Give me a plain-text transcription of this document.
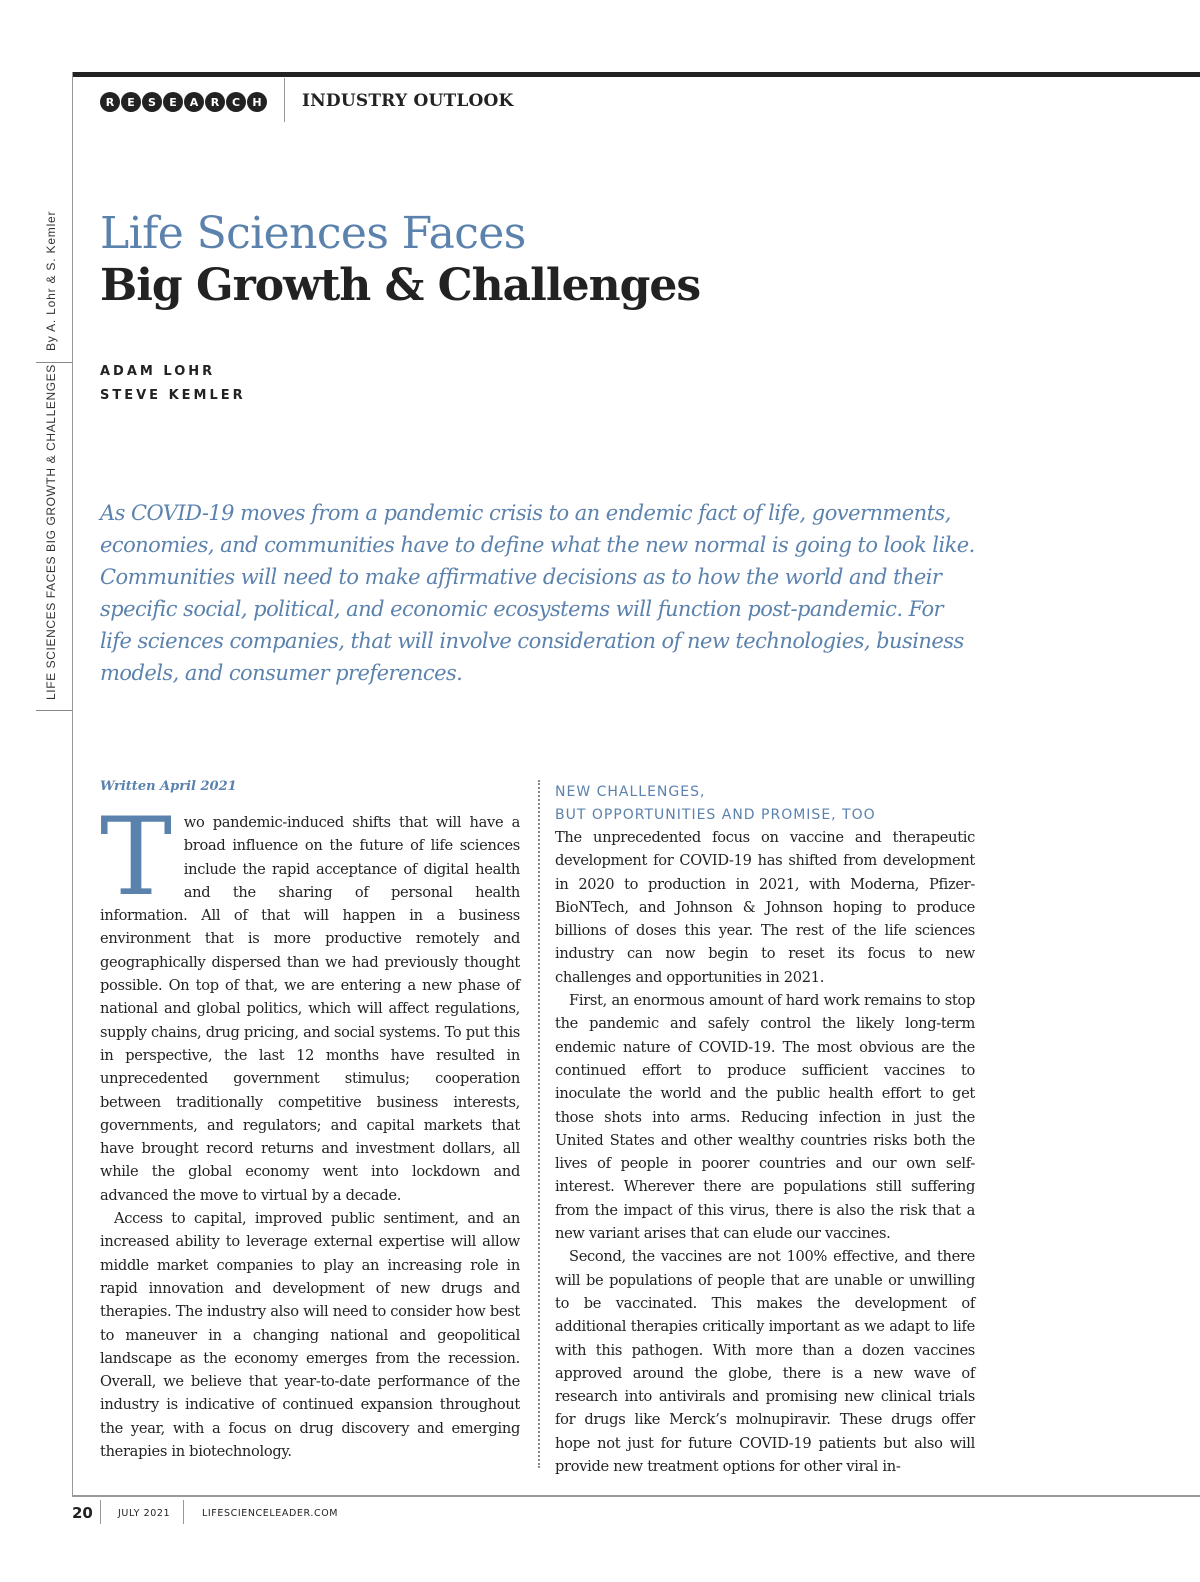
R	E	S	E	A	R	C	H	INDUSTRY OUTLOOK
By A. Lohr & S. Kemler
LIFE SCIENCES FACES BIG GROWTH & CHALLENGES
Life Sciences Faces
Big Growth & Challenges
ADAM LOHR
STEVE KEMLER

As COVID-19 moves from a pandemic crisis to an endemic fact of life, governments, economies, and communities have to define what the new normal is going to look like. Communities will need to make affirmative decisions as to how the world and their specific social, political, and economic ecosystems will function post-pandemic. For life sciences companies, that will involve consideration of new technologies, business models, and consumer preferences.

Written April 2021

Two pandemic-induced shifts that will have a broad influence on the future of life sciences include the rapid acceptance of digital health and the sharing of personal health information. All of that will happen in a business environment that is more productive remotely and geographically dispersed than we had previously thought possible. On top of that, we are entering a new phase of national and global politics, which will affect regulations, supply chains, drug pricing, and social systems. To put this in perspective, the last 12 months have resulted in unprecedented government stimulus; cooperation between traditionally competitive business interests, governments, and regulators; and capital markets that have brought record returns and investment dollars, all while the global economy went into lockdown and advanced the move to virtual by a decade.

Access to capital, improved public sentiment, and an increased ability to leverage external expertise will allow middle market companies to play an increasing role in rapid innovation and development of new drugs and therapies. The industry also will need to consider how best to maneuver in a changing national and geopolitical landscape as the economy emerges from the recession. Overall, we believe that year-to-date performance of the industry is indicative of continued expansion throughout the year, with a focus on drug discovery and emerging therapies in biotechnology.

NEW CHALLENGES,
BUT OPPORTUNITIES AND PROMISE, TOO

The unprecedented focus on vaccine and therapeutic development for COVID-19 has shifted from development in 2020 to production in 2021, with Moderna, Pfizer-BioNTech, and Johnson & Johnson hoping to produce billions of doses this year. The rest of the life sciences industry can now begin to reset its focus to new challenges and opportunities in 2021.

First, an enormous amount of hard work remains to stop the pandemic and safely control the likely long-term endemic nature of COVID-19. The most obvious are the continued effort to produce sufficient vaccines to inoculate the world and the public health effort to get those shots into arms. Reducing infection in just the United States and other wealthy countries risks both the lives of people in poorer countries and our own self-interest. Wherever there are populations still suffering from the impact of this virus, there is also the risk that a new variant arises that can elude our vaccines.

Second, the vaccines are not 100% effective, and there will be populations of people that are unable or unwilling to be vaccinated. This makes the development of additional therapies critically important as we adapt to life with this pathogen. With more than a dozen vaccines approved around the globe, there is a new wave of research into antivirals and promising new clinical trials for drugs like Merck’s molnupiravir. These drugs offer hope not just for future COVID-19 patients but also will provide new treatment options for other viral in-

20	JULY 2021	LIFESCIENCELEADER.COM
